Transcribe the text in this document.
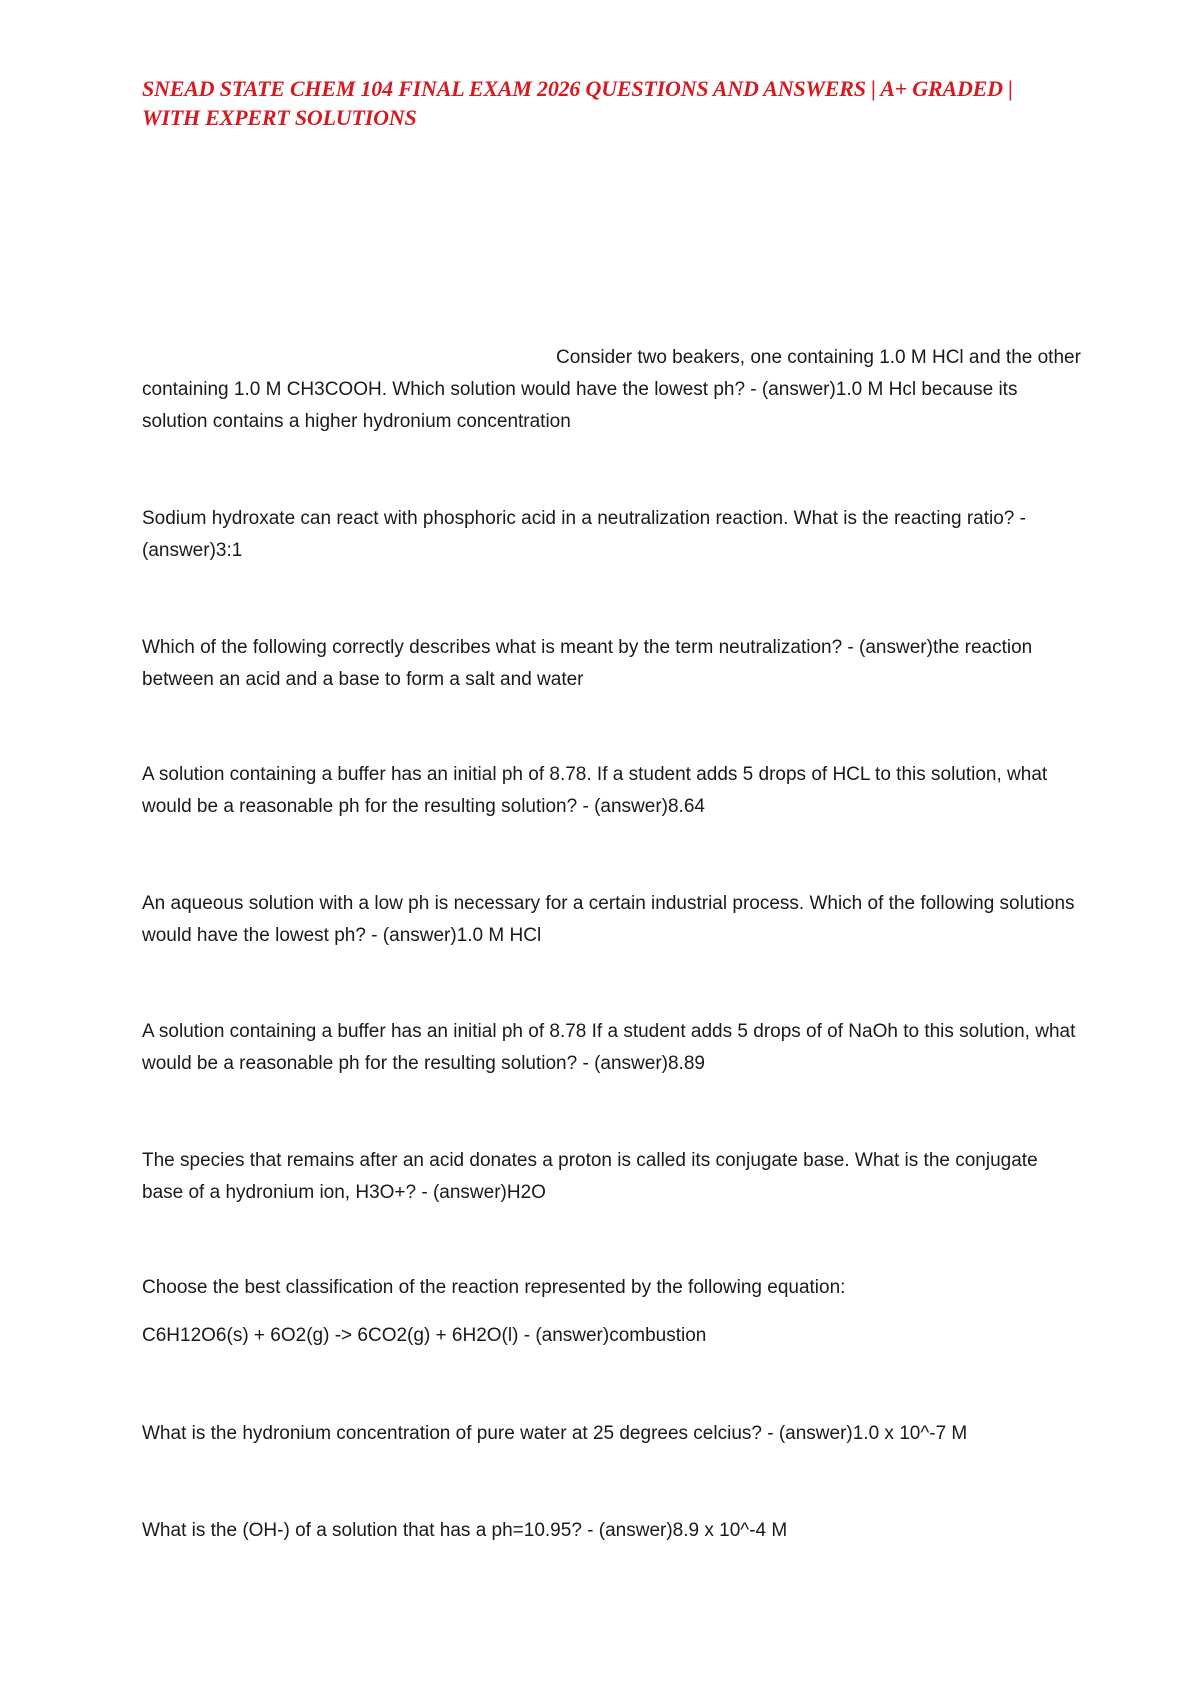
SNEAD STATE CHEM 104 FINAL EXAM 2026 QUESTIONS AND ANSWERS | A+ GRADED | WITH EXPERT SOLUTIONS

Consider two beakers, one containing 1.0 M HCl and the other containing 1.0 M CH3COOH. Which solution would have the lowest ph? - (answer)1.0 M Hcl because its solution contains a higher hydronium concentration

Sodium hydroxate can react with phosphoric acid in a neutralization reaction. What is the reacting ratio? - (answer)3:1

Which of the following correctly describes what is meant by the term neutralization? - (answer)the reaction between an acid and a base to form a salt and water

A solution containing a buffer has an initial ph of 8.78. If a student adds 5 drops of HCL to this solution, what would be a reasonable ph for the resulting solution? - (answer)8.64

An aqueous solution with a low ph is necessary for a certain industrial process. Which of the following solutions would have the lowest ph? - (answer)1.0 M HCl

A solution containing a buffer has an initial ph of 8.78 If a student adds 5 drops of of NaOh to this solution, what would be a reasonable ph for the resulting solution? - (answer)8.89

The species that remains after an acid donates a proton is called its conjugate base. What is the conjugate base of a hydronium ion, H3O+? - (answer)H2O

Choose the best classification of the reaction represented by the following equation:
C6H12O6(s) + 6O2(g) -> 6CO2(g) + 6H2O(l) - (answer)combustion

What is the hydronium concentration of pure water at 25 degrees celcius? - (answer)1.0 x 10^-7 M

What is the (OH-) of a solution that has a ph=10.95? - (answer)8.9 x 10^-4 M
